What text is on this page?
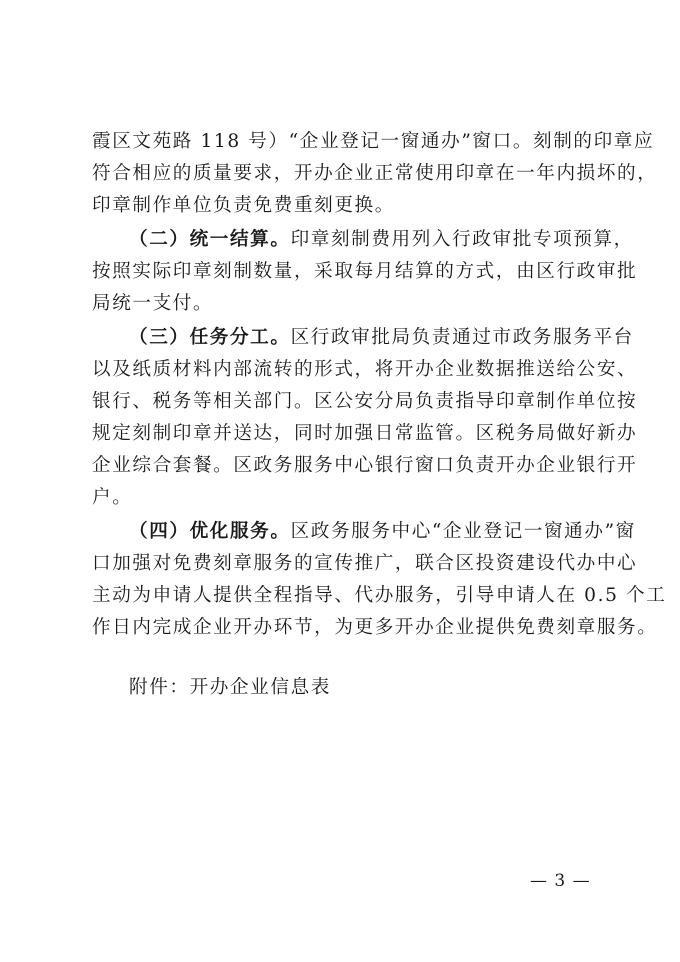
霞区文苑路 118 号）“企业登记一窗通办”窗口。刻制的印章应
符合相应的质量要求，开办企业正常使用印章在一年内损坏的，
印章制作单位负责免费重刻更换。
（二）统一结算。印章刻制费用列入行政审批专项预算，
按照实际印章刻制数量，采取每月结算的方式，由区行政审批
局统一支付。
（三）任务分工。区行政审批局负责通过市政务服务平台
以及纸质材料内部流转的形式，将开办企业数据推送给公安、
银行、税务等相关部门。区公安分局负责指导印章制作单位按
规定刻制印章并送达，同时加强日常监管。区税务局做好新办
企业综合套餐。区政务服务中心银行窗口负责开办企业银行开
户。
（四）优化服务。区政务服务中心“企业登记一窗通办”窗
口加强对免费刻章服务的宣传推广，联合区投资建设代办中心
主动为申请人提供全程指导、代办服务，引导申请人在 0.5 个工
作日内完成企业开办环节，为更多开办企业提供免费刻章服务。
附件：开办企业信息表
— 3 —
